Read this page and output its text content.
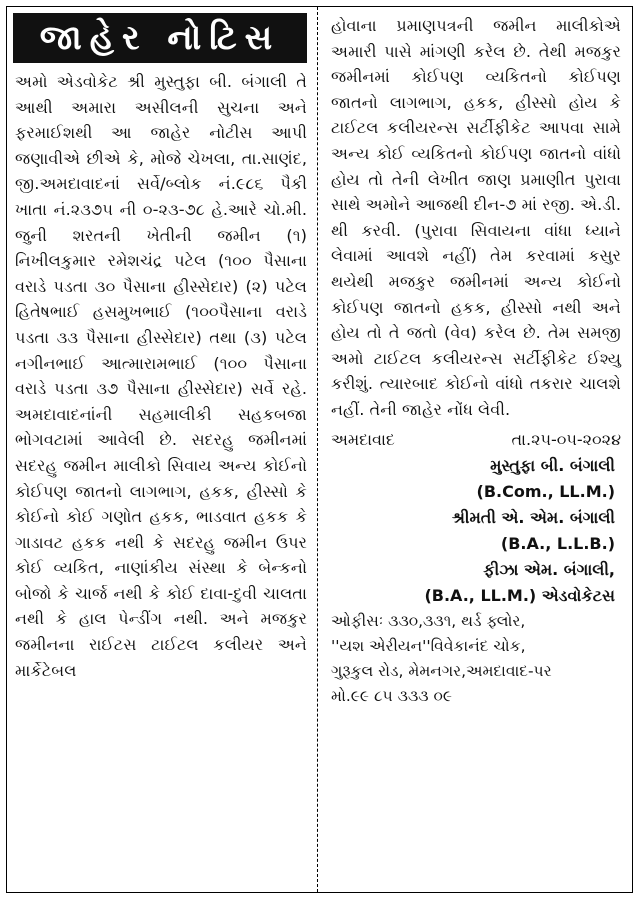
જાહેર નોટિસ

અમો એડવોકેટ શ્રી મુસ્તુફા બી. બંગાલી તે આથી અમારા અસીલની સુચના અને ફરમાઈશથી આ જાહેર નોટીસ આપી જણાવીએ છીએ કે, મોજે ચેખલા, તા.સાણંદ, જી.અમદાવાદનાં સર્વે/બ્લોક નં.૯૮૬ પૈકી ખાતા નં.૨૩૭૫ ની ૦-૨૩-૭૮ હે.આરે ચો.મી. જુની શરતની ખેતીની જમીન (૧) નિખીલકુમાર રમેશચંદ્ર પટેલ (૧૦૦ પૈસાના વરાડે પડતા ૩૦ પૈસાના હીસ્સેદાર) (૨) પટેલ હિતેષભાઈ હસમુખભાઈ (૧૦૦પૈસાના વરાડે પડતા ૩૩ પૈસાના હીસ્સેદાર) તથા (૩) પટેલ નગીનભાઈ આત્મારામભાઈ (૧૦૦ પૈસાના વરાડે પડતા ૩૭ પૈસાના હીસ્સેદાર) સર્વે રહે. અમદાવાદનાંની સહમાલીકી સહકબજા ભોગવટામાં આવેલી છે. સદરહુ જમીનમાં સદરહુ જમીન માલીકો સિવાય અન્ય કોઈનો કોઈપણ જાતનો લાગભાગ, હકક, હીસ્સો કે કોઈનો કોઈ ગણોત હકક, ભાડવાત હકક કે ગાડાવટ હકક નથી કે સદરહુ જમીન ઉપર કોઈ વ્યકિત, નાણાંકીય સંસ્થા કે બેન્કનો બોજો કે ચાર્જ નથી કે કોઈ દાવા-દુવી ચાલતા નથી કે હાલ પેન્ડીંગ નથી. અને મજકુર જમીનના રાઈટસ ટાઈટલ કલીયર અને માર્કેટેબલ

હોવાના પ્રમાણપત્રની જમીન માલીકોએ અમારી પાસે માંગણી કરેલ છે. તેથી મજકુર જમીનમાં કોઈપણ વ્યકિતનો કોઈપણ જાતનો લાગભાગ, હકક, હીસ્સો હોય કે ટાઈટલ કલીયરન્સ સર્ટીફીકેટ આપવા સામે અન્ય કોઈ વ્યકિતનો કોઈપણ જાતનો વાંધો હોય તો તેની લેખીત જાણ પ્રમાણીત પુરાવા સાથે અમોને આજથી દીન-૭ માં રજી. એ.ડી. થી કરવી. (પુરાવા સિવાયના વાંધા ધ્યાને લેવામાં આવશે નહીં) તેમ કરવામાં કસુર થયેથી મજકુર જમીનમાં અન્ય કોઈનો કોઈપણ જાતનો હકક, હીસ્સો નથી અને હોય તો તે જતો (વેવ) કરેલ છે. તેમ સમજી અમો ટાઈટલ કલીયરન્સ સર્ટીફીકેટ ઈશ્યુ કરીશું. ત્યારબાદ કોઈનો વાંધો તકરાર ચાલશે નહીં. તેની જાહેર નોંધ લેવી.

અમદાવાદ	તા.૨૫-૦૫-૨૦૨૪

મુસ્તુફા બી. બંગાલી

(B.Com., LL.M.)

શ્રીમતી એ. એમ. બંગાલી

(B.A., L.L.B.)

ફીઝા એમ. બંગાલી,

(B.A., LL.M.) એડવોકેટસ

ઓફીસઃ ૩૩૦,૩૩૧, થર્ડ ફ્લોર,

''યશ એરીયન''વિવેકાનંદ ચોક,

ગુરૂકુલ રોડ, મેમનગર,અમદાવાદ-પર

મો.૯૯ ૮૫ ૩૩૩ ૦૯
